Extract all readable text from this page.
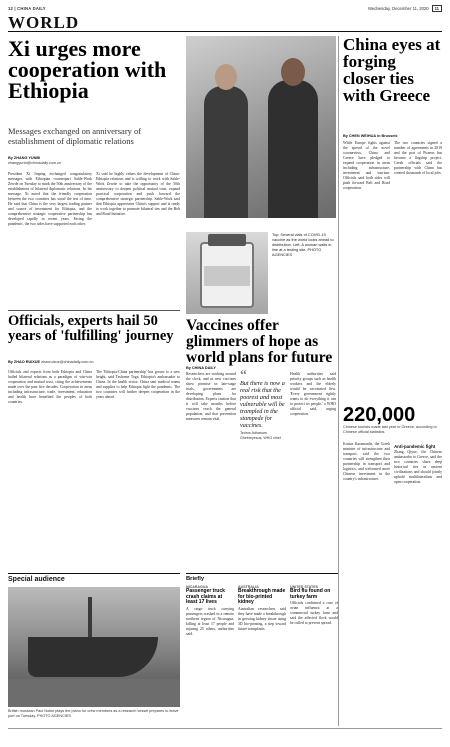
12 | CHINA DAILY	Wednesday, December 11, 2020	11
WORLD
Xi urges more cooperation with Ethiopia

Messages exchanged on anniversary of establishment of diplomatic relations

By ZHANG YUNBI
zhangyunbi@chinadaily.com.cn
President Xi Jinping exchanged congratulatory messages with Ethiopian counterpart Sahle-Work Zewde on Tuesday to mark the 50th anniversary of the establishment of bilateral diplomatic relations. In his message, Xi noted that the friendly cooperation between the two countries has stood the test of time. He said that China is the very largest trading partner and source of investment for Ethiopia, and the comprehensive strategic cooperative partnership has developed rapidly in recent years. Facing the pandemic, the two sides have supported each other.
Xi said he highly values the development of China-Ethiopia relations and is willing to work with Sahle-Work Zewde to take the opportunity of the 50th anniversary to deepen political mutual trust, expand practical cooperation and push forward the comprehensive strategic partnership. Sahle-Work said that Ethiopia appreciates China's support and is ready to work together to promote bilateral ties and the Belt and Road Initiative.
Officials, experts hail 50 years of 'fulfilling' journey
By ZHAO RUIXUE zhaoruixue@chinadaily.com.cn
Officials and experts from both Ethiopia and China hailed bilateral relations as a paradigm of win-win cooperation and mutual trust, citing the achievements made over the past five decades. Cooperation in areas including infrastructure, trade, investment, education and health have benefited the peoples of both countries.
The 'Ethiopia-China partnership' has grown to a new height, said Teshome Toga, Ethiopia's ambassador to China. In the health sector, China sent medical teams and supplies to help Ethiopia fight the pandemic. The two countries will further deepen cooperation in the years ahead.
Top: Several vials of COVID-19 vaccine as the world looks ahead to distribution. Left: A woman waits in line at a testing site. PHOTO AGENCIES
Vaccines offer glimmers of hope as world plans for future
By CHINA DAILY
Researchers are working around the clock, and as new vaccines show promise in late-stage trials, governments are developing plans for distribution. Experts caution that it will take months before vaccines reach the general population, and that prevention measures remain vital.
“
But there is now a real risk that the poorest and most vulnerable will be trampled in the stampede for vaccines.
Tedros Adhanom Ghebreyesus, WHO chief
Health authorities said priority groups such as health workers and the elderly would be vaccinated first. 'Every government rightly wants to do everything it can to protect its people,' a WHO official said, urging cooperation.
China eyes at forging closer ties with Greece
By CHEN WEIHUA in Brussels
While Europe fights against the spread of the novel coronavirus, China and Greece have pledged to expand cooperation in areas including infrastructure, investment and tourism. Officials said both sides will push forward Belt and Road cooperation.
The two countries signed a number of agreements in 2019 and the port of Piraeus has become a flagship project. Greek officials said the partnership with China has created thousands of local jobs.
220,000
Chinese tourists made last year to Greece, according to Chinese official statistics.
Kostas Karamanlis, the Greek minister of infrastructure and transport, said the two countries will strengthen their partnership in transport and logistics, and welcomed more Chinese investment in the country's infrastructure.
Anti-pandemic fight
Zhang Qiyue, the Chinese ambassador to Greece, said the two countries share deep historical ties as ancient civilizations and should jointly uphold multilateralism and open cooperation.
Briefly
NICARAGUA
Passenger truck crash claims at least 17 lives
A cargo truck carrying passengers crashed in a remote northern region of Nicaragua, killing at least 17 people and injuring 25 others, authorities said.
AUSTRALIA
Breakthrough made for bio-printed kidney
Australian researchers said they have made a breakthrough in growing kidney tissue using 3D bio-printing, a step toward future transplants.
UNITED STATES
Bird flu found on turkey farm
Officials confirmed a case of avian influenza at a commercial turkey farm and said the affected flock would be culled to prevent spread.
Special audience
British musician Paul Noble plays the piano for crew members as a research vessel prepares to leave port on Tuesday. PHOTO AGENCIES
